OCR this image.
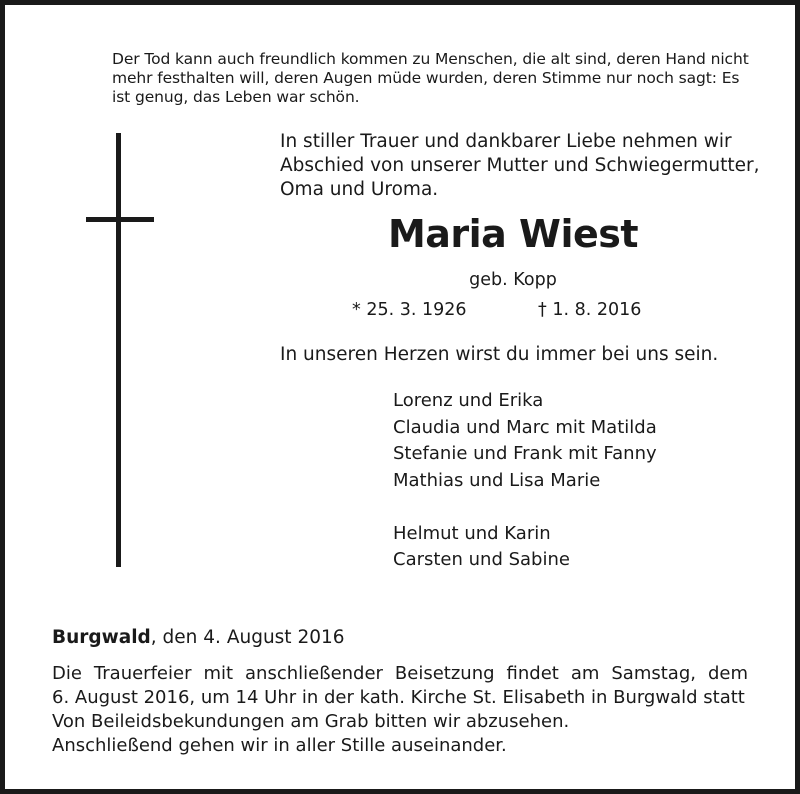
Der Tod kann auch freundlich kommen zu Menschen, die alt sind, deren Hand nicht mehr festhalten will, deren Augen müde wurden, deren Stimme nur noch sagt: Es ist genug, das Leben war schön.
In stiller Trauer und dankbarer Liebe nehmen wir Abschied von unserer Mutter und Schwiegermutter, Oma und Uroma.
Maria Wiest
geb. Kopp
* 25. 3. 1926	† 1. 8. 2016
In unseren Herzen wirst du immer bei uns sein.
Lorenz und Erika
Claudia und Marc mit Matilda
Stefanie und Frank mit Fanny
Mathias und Lisa Marie
Helmut und Karin
Carsten und Sabine
Burgwald, den 4. August 2016
Die Trauerfeier mit anschließender Beisetzung findet am Samstag, dem
6. August 2016, um 14 Uhr in der kath. Kirche St. Elisabeth in Burgwald statt
Von Beileidsbekundungen am Grab bitten wir abzusehen.
Anschließend gehen wir in aller Stille auseinander.
